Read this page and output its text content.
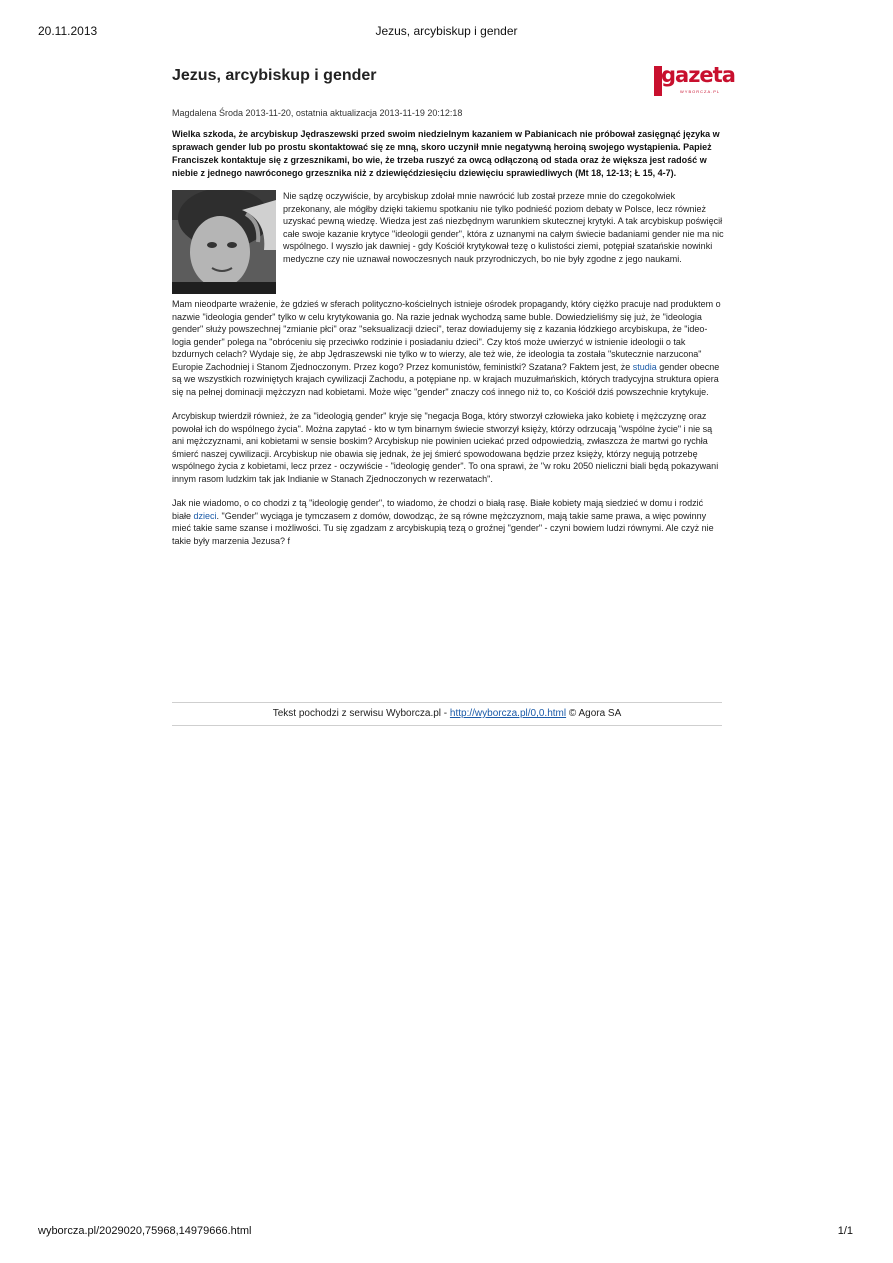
20.11.2013	Jezus, arcybiskup i gender
Jezus, arcybiskup i gender	gazeta
WYBORCZA.PL
Magdalena Środa 2013-11-20, ostatnia aktualizacja 2013-11-19 20:12:18

Wielka szkoda, że arcybiskup Jędraszewski przed swoim niedzielnym kazaniem w Pabianicach nie próbował zasięgnąć języka w sprawach gender lub po prostu skontaktować się ze mną, skoro uczynił mnie negatywną heroiną swojego wystąpienia. Papież Franciszek kontaktuje się z grzesznikami, bo wie, że trzeba ruszyć za owcą odłączoną od stada oraz że większa jest radość w niebie z jednego nawróconego grzesznika niż z dziewięćdziesięciu dziewięciu sprawiedliwych (Mt 18, 12-13; Ł 15, 4-7).

Nie sądzę oczywiście, by arcybiskup zdołał mnie nawrócić lub został przeze mnie do czegokolwiek przekonany, ale mógłby dzięki takiemu spotkaniu nie tylko podnieść poziom debaty w Polsce, lecz również uzyskać pewną wiedzę. Wiedza jest zaś niezbędnym warunkiem skutecznej krytyki. A tak arcybiskup poświęcił całe swoje kazanie krytyce "ideologii gender", która z uznanymi na całym świecie badaniami gender nie ma nic wspólnego. I wyszło jak dawniej - gdy Kościół krytykował tezę o kulistości ziemi, potępiał szatańskie nowinki medyczne czy nie uznawał nowoczesnych nauk przyrodniczych, bo nie były zgodne z jego naukami.

Mam nieodparte wrażenie, że gdzieś w sferach polityczno-kościelnych istnieje ośrodek propagandy, który ciężko pracuje nad produktem o nazwie "ideologia gender" tylko w celu krytykowania go. Na razie jednak wychodzą same buble. Dowiedzieliśmy się już, że "ideologia gender" służy powszechnej "zmianie płci" oraz "seksualizacji dzieci", teraz dowiadujemy się z kazania łódzkiego arcybiskupa, że "ideo-logia gender" polega na "obróceniu się przeciwko rodzinie i posiadaniu dzieci". Czy ktoś może uwierzyć w istnienie ideologii o tak bzdurnych celach? Wydaje się, że abp Jędraszewski nie tylko w to wierzy, ale też wie, że ideologia ta została "skutecznie narzucona" Europie Zachodniej i Stanom Zjednoczonym. Przez kogo? Przez komunistów, feministki? Szatana? Faktem jest, że studia gender obecne są we wszystkich rozwiniętych krajach cywilizacji Zachodu, a potępiane np. w krajach muzułmańskich, których tradycyjna struktura opiera się na pełnej dominacji mężczyzn nad kobietami. Może więc "gender" znaczy coś innego niż to, co Kościół dziś powszechnie krytykuje.

Arcybiskup twierdził również, że za "ideologią gender" kryje się "negacja Boga, który stworzył człowieka jako kobietę i mężczyznę oraz powołał ich do wspólnego życia". Można zapytać - kto w tym binarnym świecie stworzył księży, którzy odrzucają "wspólne życie" i nie są ani mężczyznami, ani kobietami w sensie boskim? Arcybiskup nie powinien uciekać przed odpowiedzią, zwłaszcza że martwi go rychła śmierć naszej cywilizacji. Arcybiskup nie obawia się jednak, że jej śmierć spowodowana będzie przez księży, którzy negują potrzebę wspólnego życia z kobietami, lecz przez - oczywiście - "ideologię gender". To ona sprawi, że "w roku 2050 nieliczni biali będą pokazywani innym rasom ludzkim tak jak Indianie w Stanach Zjednoczonych w rezerwatach".

Jak nie wiadomo, o co chodzi z tą "ideologię gender", to wiadomo, że chodzi o białą rasę. Białe kobiety mają siedzieć w domu i rodzić białe dzieci. "Gender" wyciąga je tymczasem z domów, dowodząc, że są równe mężczyznom, mają takie same prawa, a więc powinny mieć takie same szanse i możliwości. Tu się zgadzam z arcybiskupią tezą o groźnej "gender" - czyni bowiem ludzi równymi. Ale czyż nie takie były marzenia Jezusa? f

Tekst pochodzi z serwisu Wyborcza.pl - http://wyborcza.pl/0,0.html © Agora SA
wyborcza.pl/2029020,75968,14979666.html	1/1
